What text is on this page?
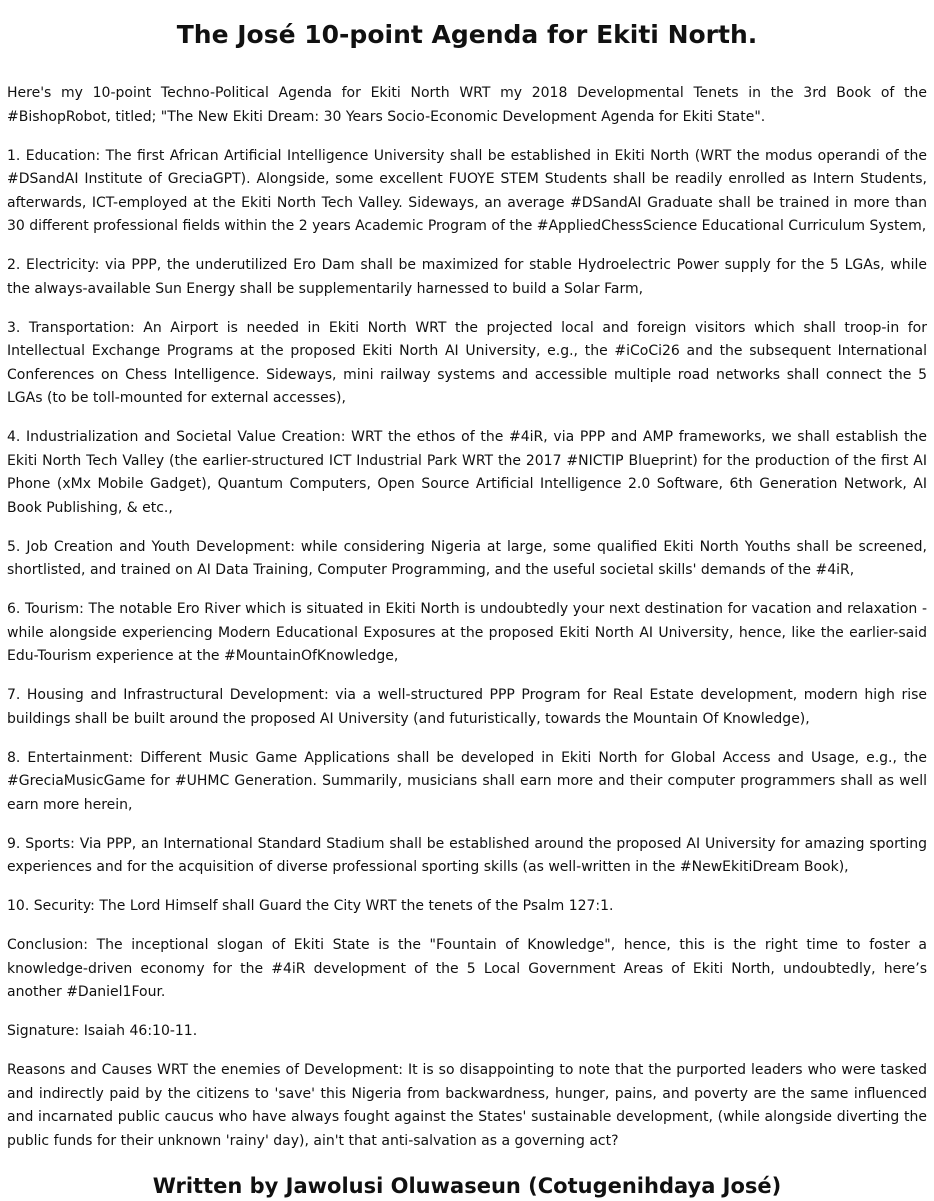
The José 10-point Agenda for Ekiti North.

Here's my 10-point Techno-Political Agenda for Ekiti North WRT my 2018 Developmental Tenets in the 3rd Book of the #BishopRobot, titled; "The New Ekiti Dream: 30 Years Socio-Economic Development Agenda for Ekiti State".

1. Education: The first African Artificial Intelligence University shall be established in Ekiti North (WRT the modus operandi of the #DSandAI Institute of GreciaGPT). Alongside, some excellent FUOYE STEM Students shall be readily enrolled as Intern Students, afterwards, ICT-employed at the Ekiti North Tech Valley. Sideways, an average #DSandAI Graduate shall be trained in more than 30 different professional fields within the 2 years Academic Program of the #AppliedChessScience Educational Curriculum System,

2. Electricity: via PPP, the underutilized Ero Dam shall be maximized for stable Hydroelectric Power supply for the 5 LGAs, while the always-available Sun Energy shall be supplementarily harnessed to build a Solar Farm,

3. Transportation: An Airport is needed in Ekiti North WRT the projected local and foreign visitors which shall troop-in for Intellectual Exchange Programs at the proposed Ekiti North AI University, e.g., the #iCoCi26 and the subsequent International Conferences on Chess Intelligence. Sideways, mini railway systems and accessible multiple road networks shall connect the 5 LGAs (to be toll-mounted for external accesses),

4. Industrialization and Societal Value Creation: WRT the ethos of the #4iR, via PPP and AMP frameworks, we shall establish the Ekiti North Tech Valley (the earlier-structured ICT Industrial Park WRT the 2017 #NICTIP Blueprint) for the production of the first AI Phone (xMx Mobile Gadget), Quantum Computers, Open Source Artificial Intelligence 2.0 Software, 6th Generation Network, AI Book Publishing, & etc.,

5. Job Creation and Youth Development: while considering Nigeria at large, some qualified Ekiti North Youths shall be screened, shortlisted, and trained on AI Data Training, Computer Programming, and the useful societal skills' demands of the #4iR,

6. Tourism: The notable Ero River which is situated in Ekiti North is undoubtedly your next destination for vacation and relaxation - while alongside experiencing Modern Educational Exposures at the proposed Ekiti North AI University, hence, like the earlier-said Edu-Tourism experience at the #MountainOfKnowledge,

7. Housing and Infrastructural Development: via a well-structured PPP Program for Real Estate development, modern high rise buildings shall be built around the proposed AI University (and futuristically, towards the Mountain Of Knowledge),

8. Entertainment: Different Music Game Applications shall be developed in Ekiti North for Global Access and Usage, e.g., the #GreciaMusicGame for #UHMC Generation. Summarily, musicians shall earn more and their computer programmers shall as well earn more herein,

9. Sports: Via PPP, an International Standard Stadium shall be established around the proposed AI University for amazing sporting experiences and for the acquisition of diverse professional sporting skills (as well-written in the #NewEkitiDream Book),

10. Security: The Lord Himself shall Guard the City WRT the tenets of the Psalm 127:1.

Conclusion: The inceptional slogan of Ekiti State is the "Fountain of Knowledge", hence, this is the right time to foster a knowledge-driven economy for the #4iR development of the 5 Local Government Areas of Ekiti North, undoubtedly, here’s another #Daniel1Four.

Signature: Isaiah 46:10-11.

Reasons and Causes WRT the enemies of Development: It is so disappointing to note that the purported leaders who were tasked and indirectly paid by the citizens to 'save' this Nigeria from backwardness, hunger, pains, and poverty are the same influenced and incarnated public caucus who have always fought against the States' sustainable development, (while alongside diverting the public funds for their unknown 'rainy' day), ain't that anti-salvation as a governing act?

Written by Jawolusi Oluwaseun (Cotugenihdaya José)
